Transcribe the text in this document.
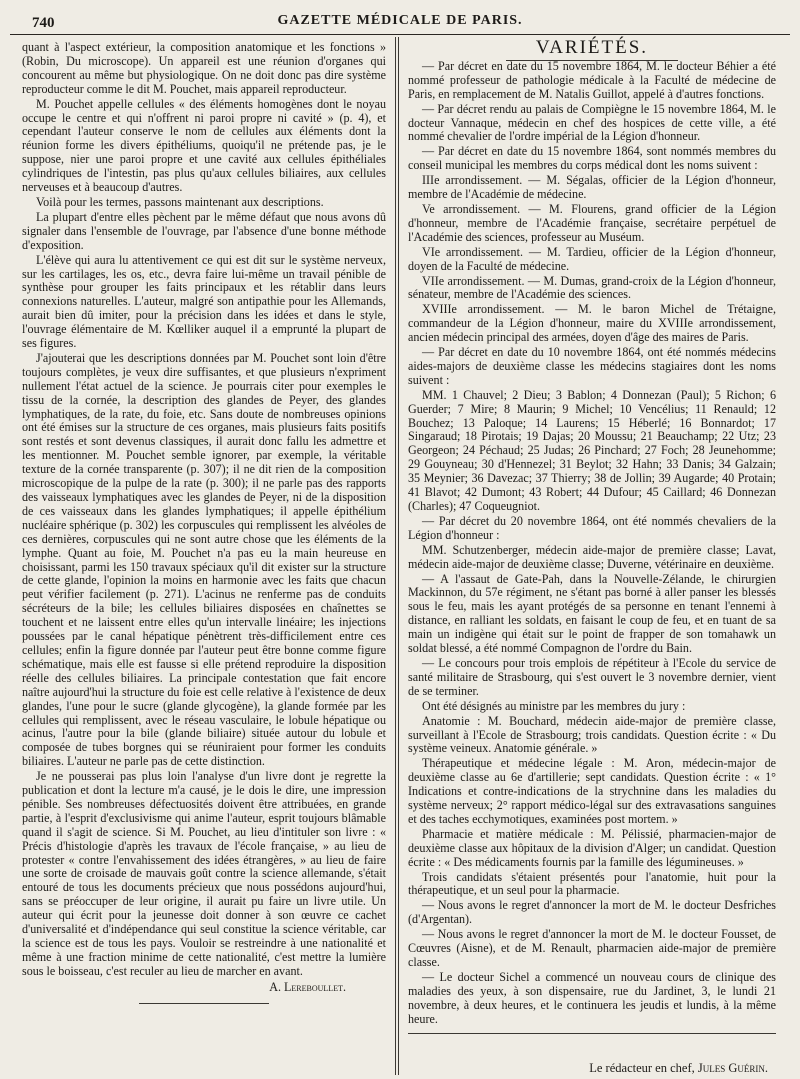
740	GAZETTE MÉDICALE DE PARIS.

quant à l'aspect extérieur, la composition anatomique et les fonctions » (Robin, Du microscope). Un appareil est une réunion d'organes qui concourent au même but physiologique. On ne doit donc pas dire système reproducteur comme le dit M. Pouchet, mais appareil reproducteur.

M. Pouchet appelle cellules « des éléments homogènes dont le noyau occupe le centre et qui n'offrent ni paroi propre ni cavité » (p. 4), et cependant l'auteur conserve le nom de cellules aux éléments dont la réunion forme les divers épithéliums, quoiqu'il ne prétende pas, je le suppose, nier une paroi propre et une cavité aux cellules épithéliales cylindriques de l'intestin, pas plus qu'aux cellules biliaires, aux cellules nerveuses et à beaucoup d'autres.

Voilà pour les termes, passons maintenant aux descriptions.

La plupart d'entre elles pèchent par le même défaut que nous avons dû signaler dans l'ensemble de l'ouvrage, par l'absence d'une bonne méthode d'exposition.

L'élève qui aura lu attentivement ce qui est dit sur le système nerveux, sur les cartilages, les os, etc., devra faire lui-même un travail pénible de synthèse pour grouper les faits principaux et les rétablir dans leurs connexions naturelles. L'auteur, malgré son antipathie pour les Allemands, aurait bien dû imiter, pour la précision dans les idées et dans le style, l'ouvrage élémentaire de M. Kœlliker auquel il a emprunté la plupart de ses figures.

J'ajouterai que les descriptions données par M. Pouchet sont loin d'être toujours complètes, je veux dire suffisantes, et que plusieurs n'expriment nullement l'état actuel de la science. Je pourrais citer pour exemples le tissu de la cornée, la description des glandes de Peyer, des glandes lymphatiques, de la rate, du foie, etc. Sans doute de nombreuses opinions ont été émises sur la structure de ces organes, mais plusieurs faits positifs sont restés et sont devenus classiques, il aurait donc fallu les admettre et les mentionner. M. Pouchet semble ignorer, par exemple, la véritable texture de la cornée transparente (p. 307); il ne dit rien de la composition microscopique de la pulpe de la rate (p. 300); il ne parle pas des rapports des vaisseaux lymphatiques avec les glandes de Peyer, ni de la disposition de ces vaisseaux dans les glandes lymphatiques; il appelle épithélium nucléaire sphérique (p. 302) les corpuscules qui remplissent les alvéoles de ces dernières, corpuscules qui ne sont autre chose que les éléments de la lymphe. Quant au foie, M. Pouchet n'a pas eu la main heureuse en choisissant, parmi les 150 travaux spéciaux qu'il dit exister sur la structure de cette glande, l'opinion la moins en harmonie avec les faits que chacun peut vérifier facilement (p. 271). L'acinus ne renferme pas de conduits sécréteurs de la bile; les cellules biliaires disposées en chaînettes se touchent et ne laissent entre elles qu'un intervalle linéaire; les injections poussées par le canal hépatique pénètrent très-difficilement entre ces cellules; enfin la figure donnée par l'auteur peut être bonne comme figure schématique, mais elle est fausse si elle prétend reproduire la disposition réelle des cellules biliaires. La principale contestation que fait encore naître aujourd'hui la structure du foie est celle relative à l'existence de deux glandes, l'une pour le sucre (glande glycogène), la glande formée par les cellules qui remplissent, avec le réseau vasculaire, le lobule hépatique ou acinus, l'autre pour la bile (glande biliaire) située autour du lobule et composée de tubes borgnes qui se réuniraient pour former les conduits biliaires. L'auteur ne parle pas de cette distinction.

Je ne pousserai pas plus loin l'analyse d'un livre dont je regrette la publication et dont la lecture m'a causé, je le dois le dire, une impression pénible. Ses nombreuses défectuosités doivent être attribuées, en grande partie, à l'esprit d'exclusivisme qui anime l'auteur, esprit toujours blâmable quand il s'agit de science. Si M. Pouchet, au lieu d'intituler son livre : « Précis d'histologie d'après les travaux de l'école française, » au lieu de protester « contre l'envahissement des idées étrangères, » au lieu de faire une sorte de croisade de mauvais goût contre la science allemande, s'était entouré de tous les documents précieux que nous possédons aujourd'hui, sans se préoccuper de leur origine, il aurait pu faire un livre utile. Un auteur qui écrit pour la jeunesse doit donner à son œuvre ce cachet d'universalité et d'indépendance qui seul constitue la science véritable, car la science est de tous les pays. Vouloir se restreindre à une nationalité et même à une fraction minime de cette nationalité, c'est mettre la lumière sous le boisseau, c'est reculer au lieu de marcher en avant.

A. Lereboullet.

VARIÉTÉS.

— Par décret en date du 15 novembre 1864, M. le docteur Béhier a été nommé professeur de pathologie médicale à la Faculté de médecine de Paris, en remplacement de M. Natalis Guillot, appelé à d'autres fonctions.

— Par décret rendu au palais de Compiègne le 15 novembre 1864, M. le docteur Vannaque, médecin en chef des hospices de cette ville, a été nommé chevalier de l'ordre impérial de la Légion d'honneur.

— Par décret en date du 15 novembre 1864, sont nommés membres du conseil municipal les membres du corps médical dont les noms suivent :

IIIe arrondissement. — M. Ségalas, officier de la Légion d'honneur, membre de l'Académie de médecine.

Ve arrondissement. — M. Flourens, grand officier de la Légion d'honneur, membre de l'Académie française, secrétaire perpétuel de l'Académie des sciences, professeur au Muséum.

VIe arrondissement. — M. Tardieu, officier de la Légion d'honneur, doyen de la Faculté de médecine.

VIIe arrondissement. — M. Dumas, grand-croix de la Légion d'honneur, sénateur, membre de l'Académie des sciences.

XVIIIe arrondissement. — M. le baron Michel de Trétaigne, commandeur de la Légion d'honneur, maire du XVIIIe arrondissement, ancien médecin principal des armées, doyen d'âge des maires de Paris.

— Par décret en date du 10 novembre 1864, ont été nommés médecins aides-majors de deuxième classe les médecins stagiaires dont les noms suivent :

MM. 1 Chauvel; 2 Dieu; 3 Bablon; 4 Donnezan (Paul); 5 Richon; 6 Guerder; 7 Mire; 8 Maurin; 9 Michel; 10 Vencélius; 11 Renauld; 12 Bouchez; 13 Paloque; 14 Laurens; 15 Héberlé; 16 Bonnardot; 17 Singaraud; 18 Pirotais; 19 Dajas; 20 Moussu; 21 Beauchamp; 22 Utz; 23 Georgeon; 24 Péchaud; 25 Judas; 26 Pinchard; 27 Foch; 28 Jeunehomme; 29 Gouyneau; 30 d'Hennezel; 31 Beylot; 32 Hahn; 33 Danis; 34 Galzain; 35 Meynier; 36 Davezac; 37 Thierry; 38 de Jollin; 39 Augarde; 40 Protain; 41 Blavot; 42 Dumont; 43 Robert; 44 Dufour; 45 Caillard; 46 Donnezan (Charles); 47 Coqueugniot.

— Par décret du 20 novembre 1864, ont été nommés chevaliers de la Légion d'honneur :

MM. Schutzenberger, médecin aide-major de première classe; Lavat, médecin aide-major de deuxième classe; Duverne, vétérinaire en deuxième.

— A l'assaut de Gate-Pah, dans la Nouvelle-Zélande, le chirurgien Mackinnon, du 57e régiment, ne s'étant pas borné à aller panser les blessés sous le feu, mais les ayant protégés de sa personne en tenant l'ennemi à distance, en ralliant les soldats, en faisant le coup de feu, et en tuant de sa main un indigène qui était sur le point de frapper de son tomahawk un soldat blessé, a été nommé Compagnon de l'ordre du Bain.

— Le concours pour trois emplois de répétiteur à l'Ecole du service de santé militaire de Strasbourg, qui s'est ouvert le 3 novembre dernier, vient de se terminer.

Ont été désignés au ministre par les membres du jury :

Anatomie : M. Bouchard, médecin aide-major de première classe, surveillant à l'Ecole de Strasbourg; trois candidats. Question écrite : « Du système veineux. Anatomie générale. »

Thérapeutique et médecine légale : M. Aron, médecin-major de deuxième classe au 6e d'artillerie; sept candidats. Question écrite : « 1° Indications et contre-indications de la strychnine dans les maladies du système nerveux; 2° rapport médico-légal sur des extravasations sanguines et des taches ecchymotiques, examinées post mortem. »

Pharmacie et matière médicale : M. Pélissié, pharmacien-major de deuxième classe aux hôpitaux de la division d'Alger; un candidat. Question écrite : « Des médicaments fournis par la famille des légumineuses. »

Trois candidats s'étaient présentés pour l'anatomie, huit pour la thérapeutique, et un seul pour la pharmacie.

— Nous avons le regret d'annoncer la mort de M. le docteur Desfriches (d'Argentan).

— Nous avons le regret d'annoncer la mort de M. le docteur Fousset, de Cœuvres (Aisne), et de M. Renault, pharmacien aide-major de première classe.

— Le docteur Sichel a commencé un nouveau cours de clinique des maladies des yeux, à son dispensaire, rue du Jardinet, 3, le lundi 21 novembre, à deux heures, et le continuera les jeudis et lundis, à la même heure.

Le rédacteur en chef, Jules Guérin.
